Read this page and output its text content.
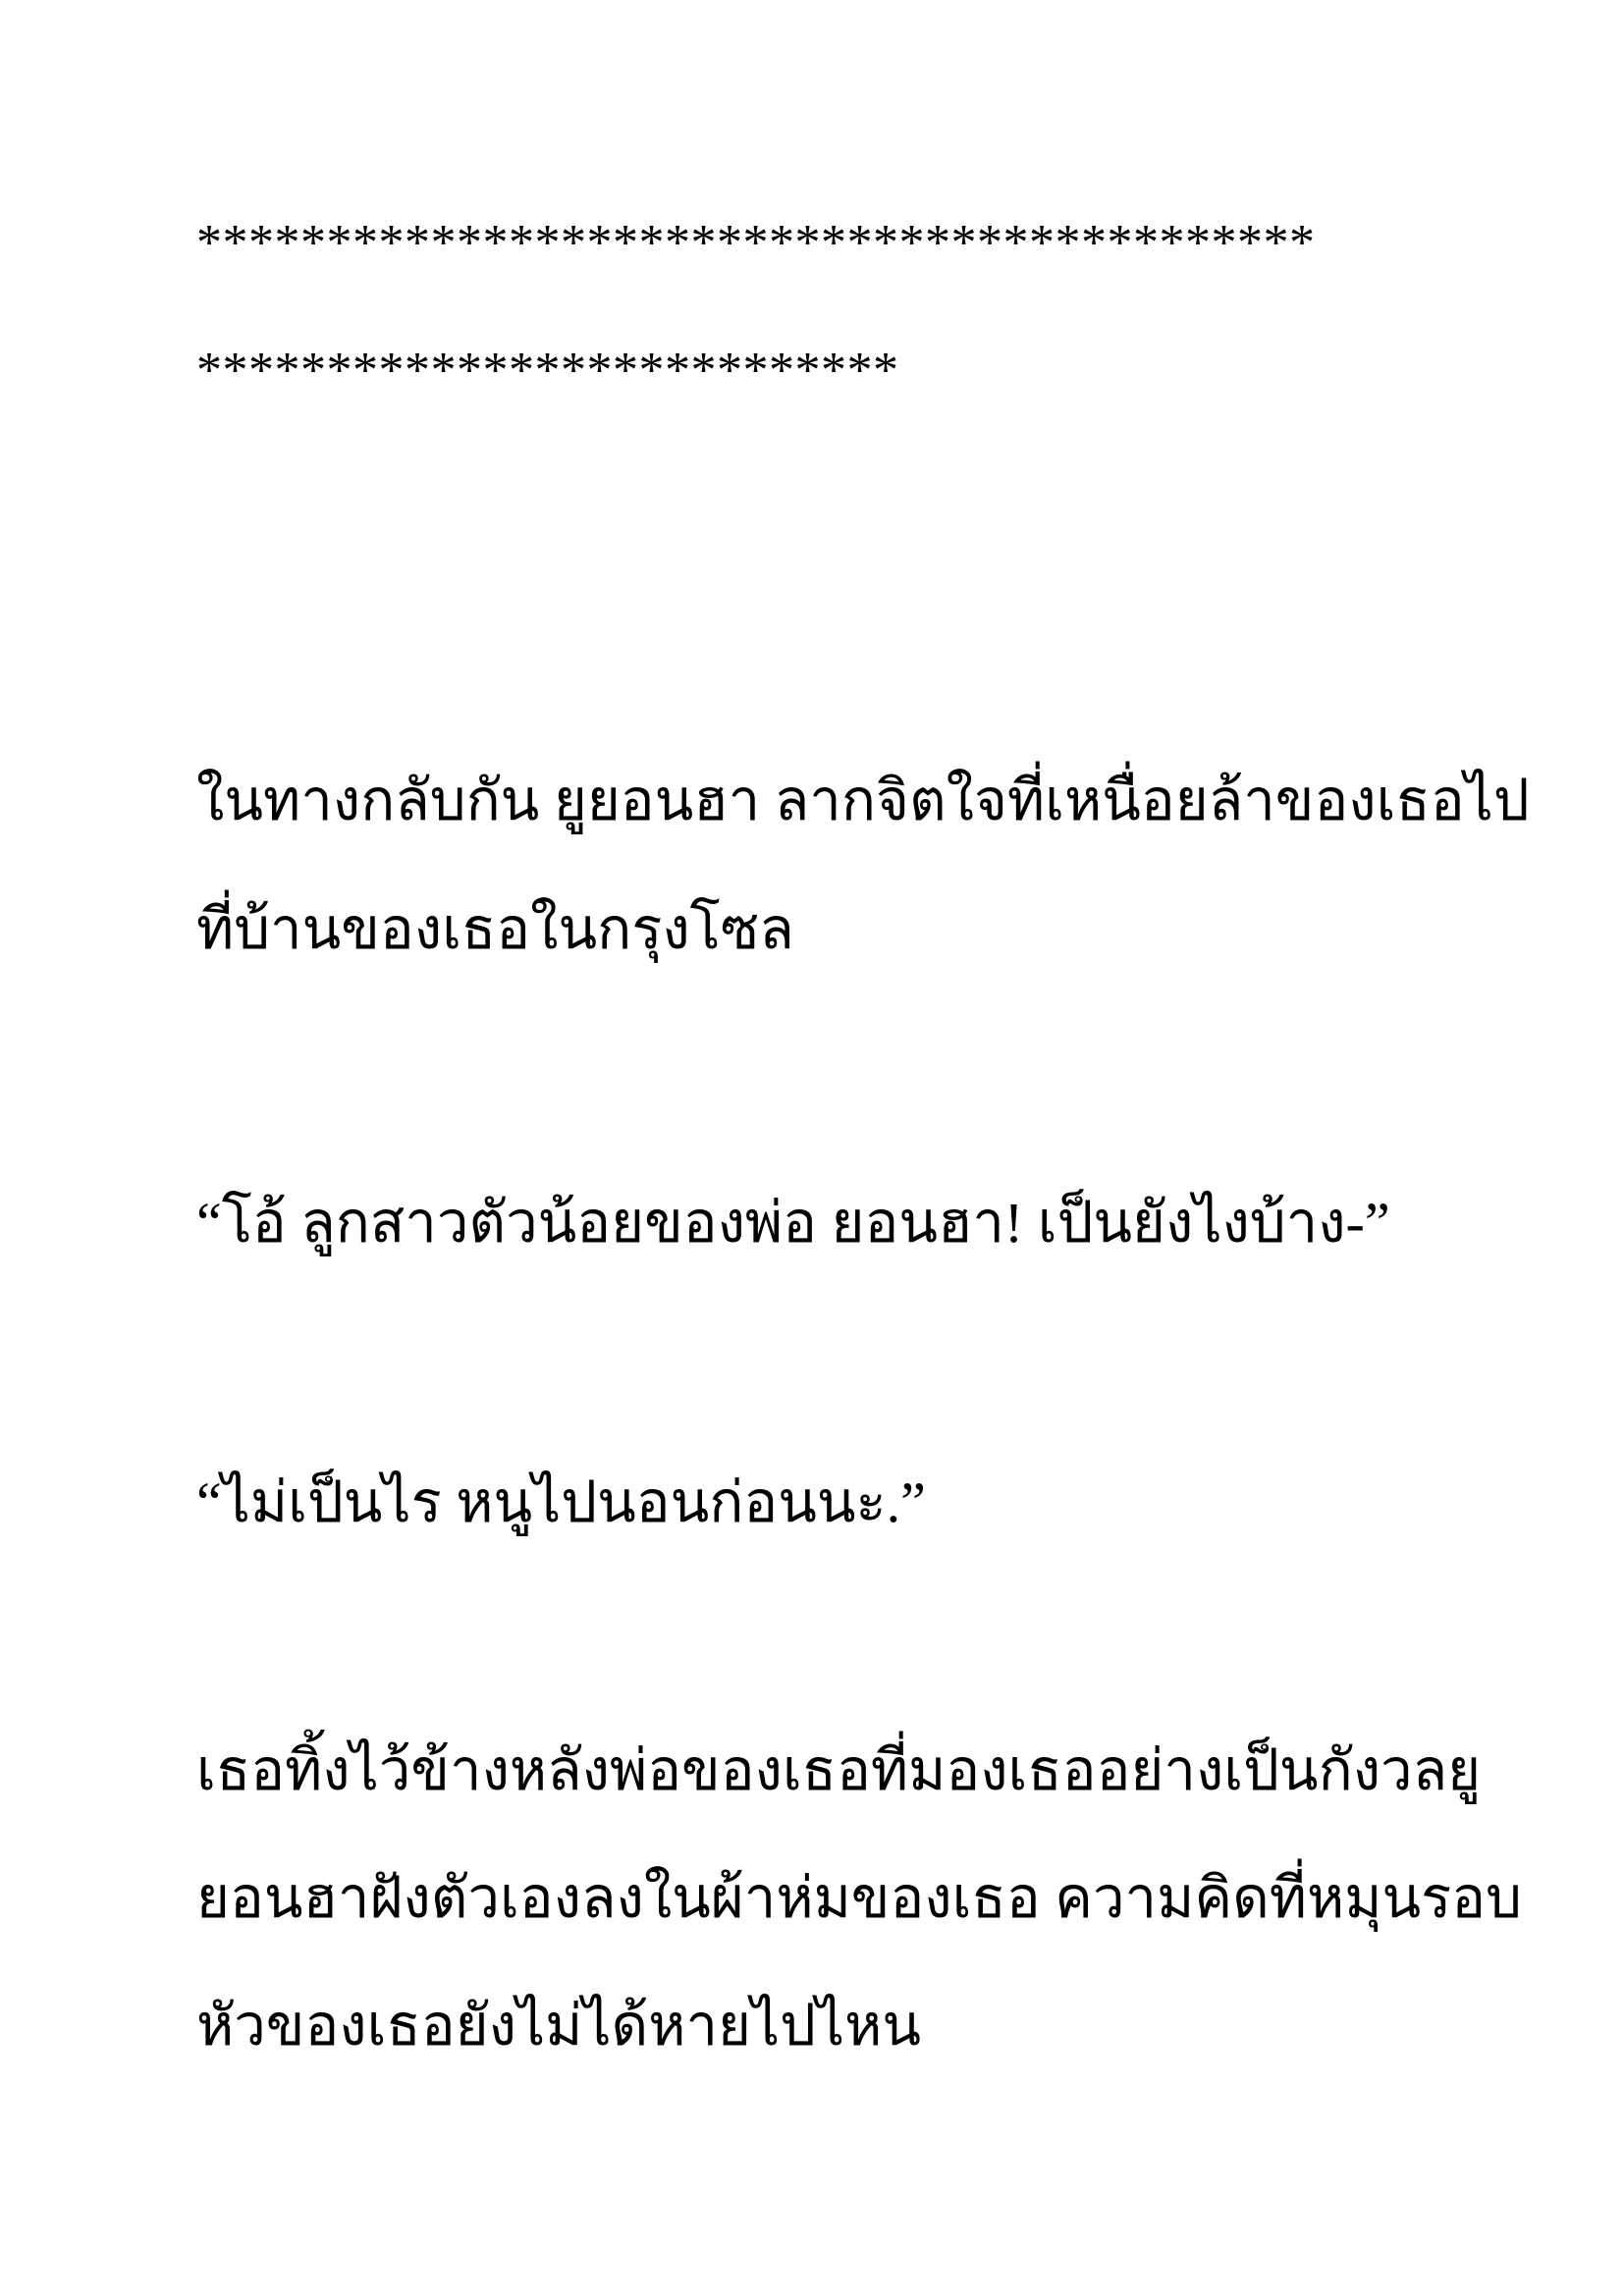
*******************************************

***************************

ในทางกลับกัน ยูยอนฮา ลากจิตใจที่เหนื่อยล้าของเธอไป

ที่บ้านของเธอในกรุงโซล

“โอ้ ลูกสาวตัวน้อยของพ่อ ยอนฮา! เป็นยังไงบ้าง-”

“ไม่เป็นไร หนูไปนอนก่อนนะ.”

เธอทิ้งไว้ข้างหลังพ่อของเธอที่มองเธออย่างเป็นกังวลยู

ยอนฮาฝังตัวเองลงในผ้าห่มของเธอ ความคิดที่หมุนรอบ

หัวของเธอยังไม่ได้หายไปไหน
